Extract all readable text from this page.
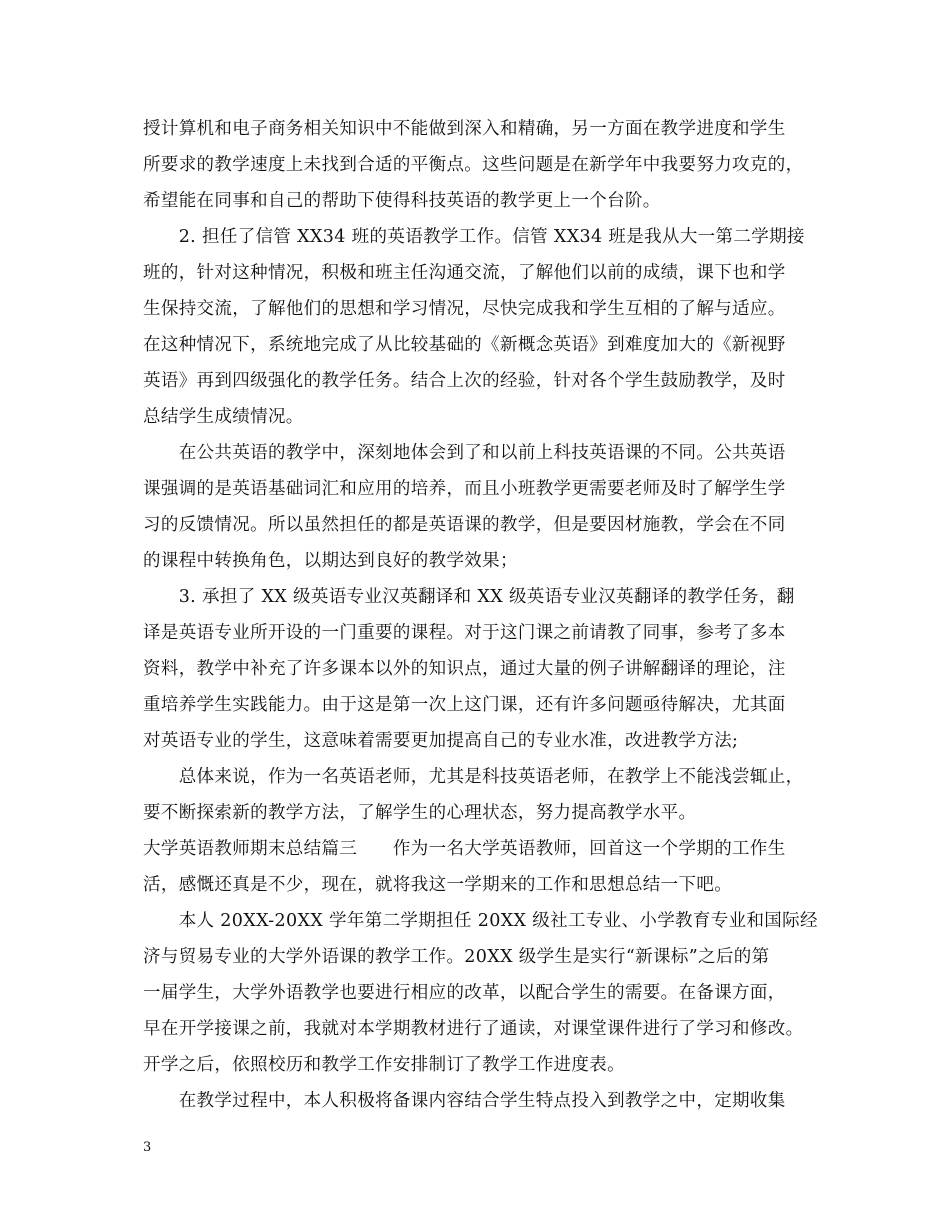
授计算机和电子商务相关知识中不能做到深入和精确，另一方面在教学进度和学生
所要求的教学速度上未找到合适的平衡点。这些问题是在新学年中我要努力攻克的，
希望能在同事和自己的帮助下使得科技英语的教学更上一个台阶。
　　2. 担任了信管 XX34 班的英语教学工作。信管 XX34 班是我从大一第二学期接
班的，针对这种情况，积极和班主任沟通交流，了解他们以前的成绩，课下也和学
生保持交流，了解他们的思想和学习情况，尽快完成我和学生互相的了解与适应。
在这种情况下，系统地完成了从比较基础的《新概念英语》到难度加大的《新视野
英语》再到四级强化的教学任务。结合上次的经验，针对各个学生鼓励教学，及时
总结学生成绩情况。
　　在公共英语的教学中，深刻地体会到了和以前上科技英语课的不同。公共英语
课强调的是英语基础词汇和应用的培养，而且小班教学更需要老师及时了解学生学
习的反馈情况。所以虽然担任的都是英语课的教学，但是要因材施教，学会在不同
的课程中转换角色，以期达到良好的教学效果；
　　3. 承担了 XX 级英语专业汉英翻译和 XX 级英语专业汉英翻译的教学任务，翻
译是英语专业所开设的一门重要的课程。对于这门课之前请教了同事，参考了多本
资料，教学中补充了许多课本以外的知识点，通过大量的例子讲解翻译的理论，注
重培养学生实践能力。由于这是第一次上这门课，还有许多问题亟待解决，尤其面
对英语专业的学生，这意味着需要更加提高自己的专业水准，改进教学方法;
　　总体来说，作为一名英语老师，尤其是科技英语老师，在教学上不能浅尝辄止，
要不断探索新的教学方法，了解学生的心理状态，努力提高教学水平。
大学英语教师期末总结篇三　　作为一名大学英语教师，回首这一个学期的工作生
活，感慨还真是不少，现在，就将我这一学期来的工作和思想总结一下吧。
　　本人 20XX-20XX 学年第二学期担任 20XX 级社工专业、小学教育专业和国际经
济与贸易专业的大学外语课的教学工作。20XX 级学生是实行“新课标”之后的第
一届学生，大学外语教学也要进行相应的改革，以配合学生的需要。在备课方面，
早在开学接课之前，我就对本学期教材进行了通读，对课堂课件进行了学习和修改。
开学之后，依照校历和教学工作安排制订了教学工作进度表。
　　在教学过程中，本人积极将备课内容结合学生特点投入到教学之中，定期收集
3
